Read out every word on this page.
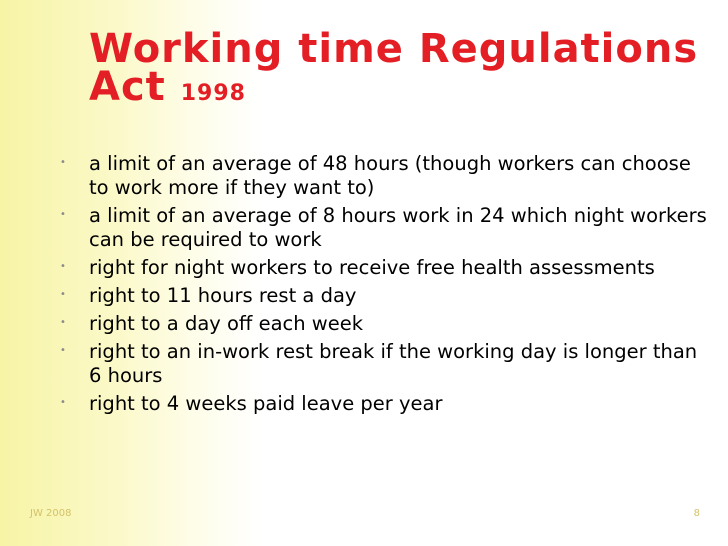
Working time Regulations Act 1998
• a limit of an average of 48 hours (though workers can choose to work more if they want to)
• a limit of an average of 8 hours work in 24 which night workers can be required to work
• right for night workers to receive free health assessments
• right to 11 hours rest a day
• right to a day off each week
• right to an in-work rest break if the working day is longer than 6 hours
• right to 4 weeks paid leave per year
JW 2008	8
